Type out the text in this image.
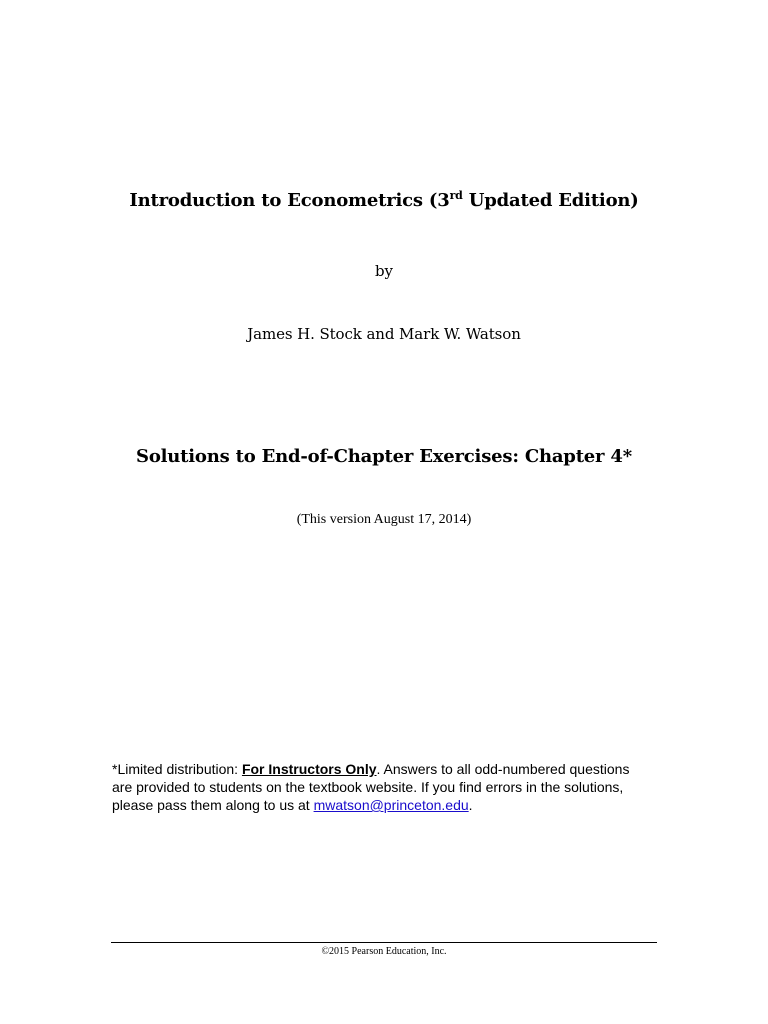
Introduction to Econometrics (3rd Updated Edition)
by
James H. Stock and Mark W. Watson
Solutions to End-of-Chapter Exercises: Chapter 4*
(This version August 17, 2014)
*Limited distribution: For Instructors Only. Answers to all odd-numbered questions are provided to students on the textbook website. If you find errors in the solutions, please pass them along to us at mwatson@princeton.edu.
©2015 Pearson Education, Inc.
